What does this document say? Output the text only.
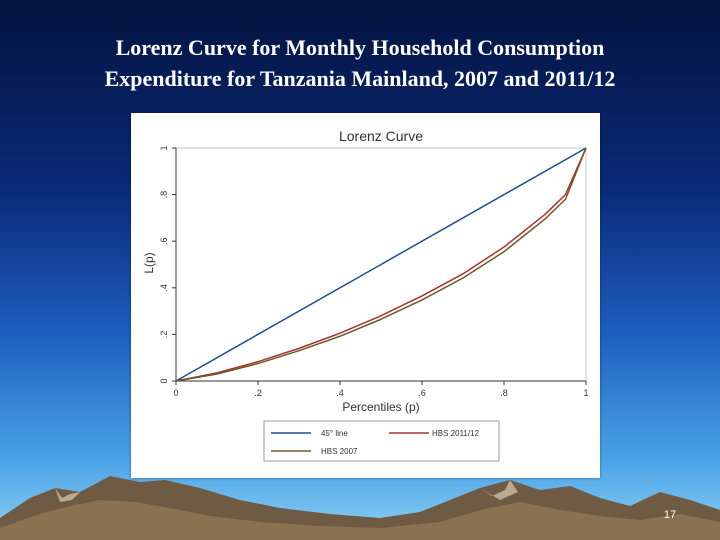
Lorenz Curve for Monthly Household Consumption
Expenditure for Tanzania Mainland, 2007 and 2011/12
Lorenz Curve
0	.2	.4	.6	.8	1
0
.2
.4
.6
.8
1
Percentiles (p)
L(p)
45° line	HBS 2011/12
HBS 2007
17
